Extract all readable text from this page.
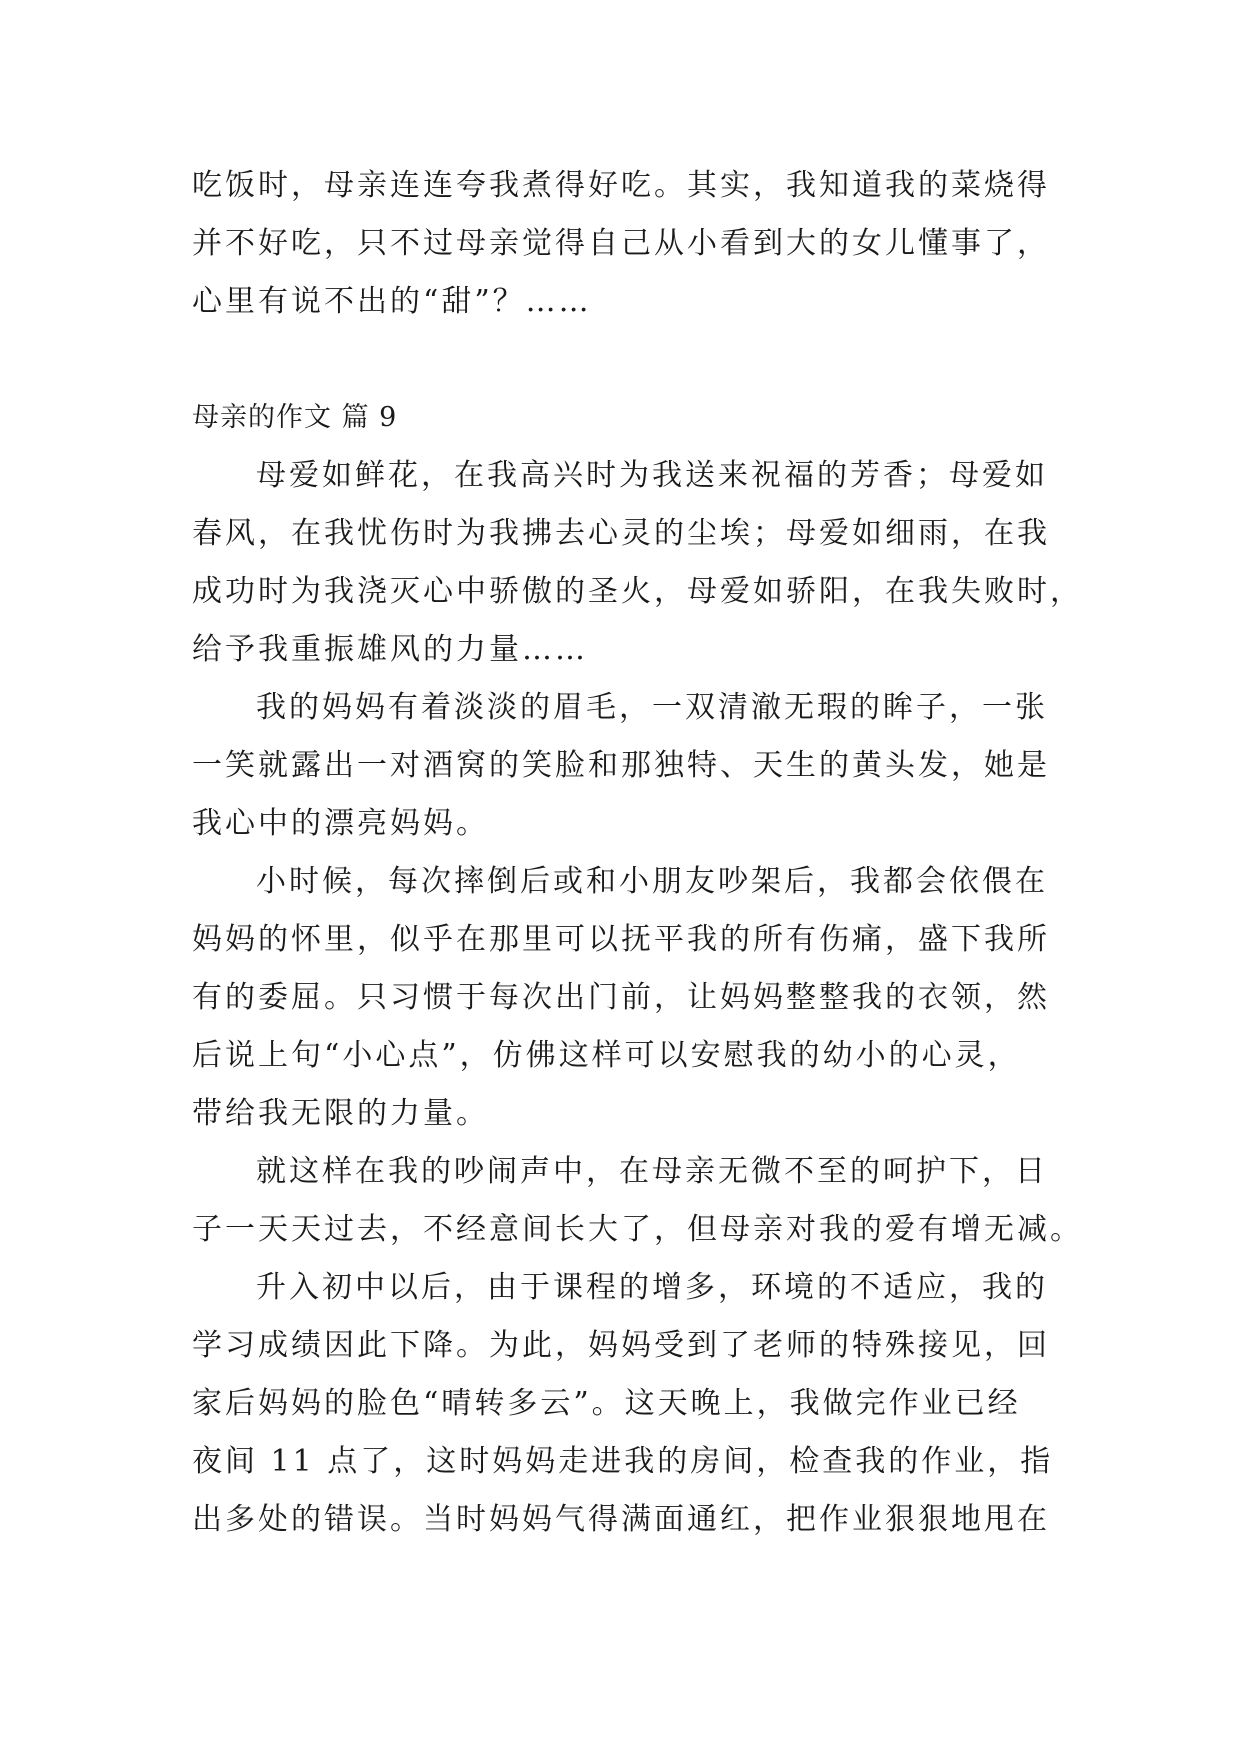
吃饭时，母亲连连夸我煮得好吃。其实，我知道我的菜烧得
并不好吃，只不过母亲觉得自己从小看到大的女儿懂事了，
心里有说不出的“甜”？……
母亲的作文 篇 9
母爱如鲜花，在我高兴时为我送来祝福的芳香；母爱如
春风，在我忧伤时为我拂去心灵的尘埃；母爱如细雨，在我
成功时为我浇灭心中骄傲的圣火，母爱如骄阳，在我失败时，
给予我重振雄风的力量……
我的妈妈有着淡淡的眉毛，一双清澈无瑕的眸子，一张
一笑就露出一对酒窝的笑脸和那独特、天生的黄头发，她是
我心中的漂亮妈妈。
小时候，每次摔倒后或和小朋友吵架后，我都会依偎在
妈妈的怀里，似乎在那里可以抚平我的所有伤痛，盛下我所
有的委屈。只习惯于每次出门前，让妈妈整整我的衣领，然
后说上句“小心点”，仿佛这样可以安慰我的幼小的心灵，
带给我无限的力量。
就这样在我的吵闹声中，在母亲无微不至的呵护下，日
子一天天过去，不经意间长大了，但母亲对我的爱有增无减。
升入初中以后，由于课程的增多，环境的不适应，我的
学习成绩因此下降。为此，妈妈受到了老师的特殊接见，回
家后妈妈的脸色“晴转多云”。这天晚上，我做完作业已经
夜间 11 点了，这时妈妈走进我的房间，检查我的作业，指
出多处的错误。当时妈妈气得满面通红，把作业狠狠地甩在
